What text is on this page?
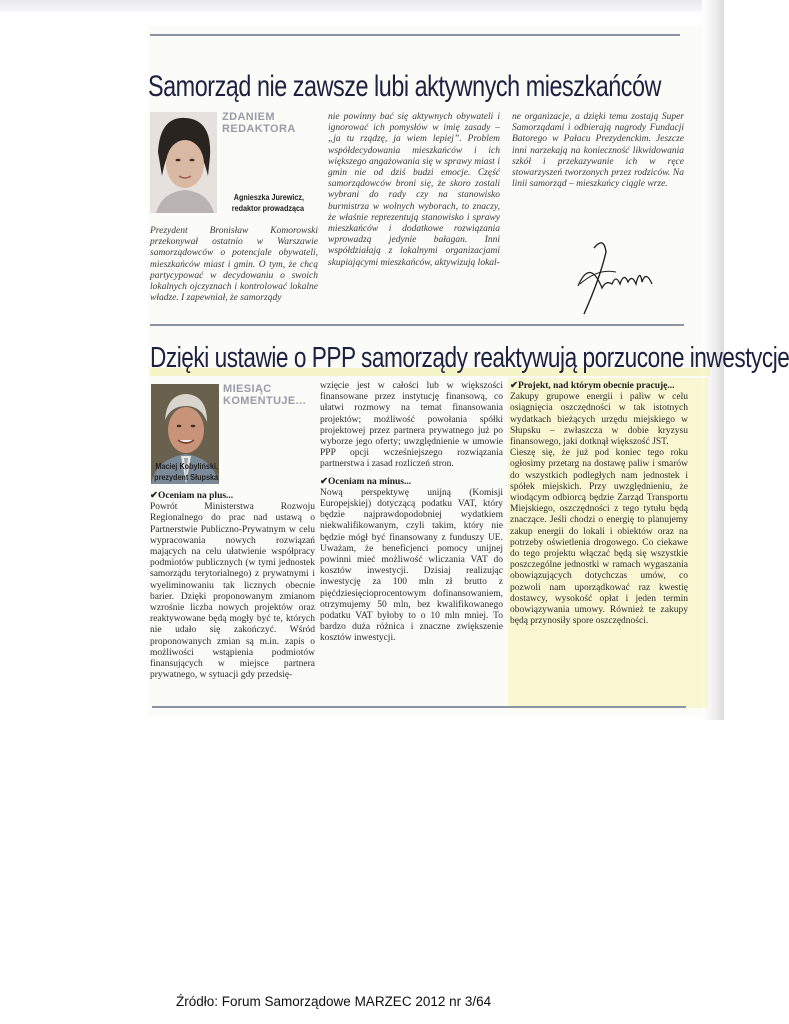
Samorząd nie zawsze lubi aktywnych mieszkańców
ZDANIEM REDAKTORA
Agnieszka Jurewicz,
redaktor prowadząca
Prezydent Bronisław Komorowski przekonywał ostatnio w Warszawie samorządowców o potencjale obywateli, mieszkańców miast i gmin. O tym, że chcą partycypować w decydowaniu o swoich lokalnych ojczyznach i kontrolować lokalne władze. I zapewniał, że samorządy
nie powinny bać się aktywnych obywateli i ignorować ich pomysłów w imię zasady – „ja tu rządzę, ja wiem lepiej”. Problem współdecydowania mieszkańców i ich większego angażowania się w sprawy miast i gmin nie od dziś budzi emocje. Część samorządowców broni się, że skoro zostali wybrani do rady czy na stanowisko burmistrza w wolnych wyborach, to znaczy, że właśnie reprezentują stanowisko i sprawy mieszkańców i dodatkowe rozwiązania wprowadzą jedynie bałagan. Inni współdziałają z lokalnymi organizacjami skupiającymi mieszkańców, aktywizują lokal-
ne organizacje, a dzięki temu zostają Super Samorządami i odbierają nagrody Fundacji Batorego w Pałacu Prezydenckim. Jeszcze inni narzekają na konieczność likwidowania szkół i przekazywanie ich w ręce stowarzyszeń tworzonych przez rodziców. Na linii samorząd – mieszkańcy ciągle wrze.
Dzięki ustawie o PPP samorządy reaktywują porzucone inwestycje
MIESIĄC KOMENTUJE...
Maciej Kobyliński,
prezydent Słupska
✔Oceniam na plus...
Powrót Ministerstwa Rozwoju Regionalnego do prac nad ustawą o Partnerstwie Publiczno-Prywatnym w celu wypracowania nowych rozwiązań mających na celu ułatwienie współpracy podmiotów publicznych (w tymi jednostek samorządu terytorialnego) z prywatnymi i wyeliminowaniu tak licznych obecnie barier. Dzięki proponowanym zmianom wzrośnie liczba nowych projektów oraz reaktywowane będą mogły być te, których nie udało się zakończyć. Wśród proponowanych zmian są m.in. zapis o możliwości wstąpienia podmiotów finansujących w miejsce partnera prywatnego, w sytuacji gdy przedsię-
wzięcie jest w całości lub w większości finansowane przez instytucję finansową, co ułatwi rozmowy na temat finansowania projektów; możliwość powołania spółki projektowej przez partnera prywatnego już po wyborze jego oferty; uwzględnienie w umowie PPP opcji wcześniejszego rozwiązania partnerstwa i zasad rozliczeń stron.
✔Oceniam na minus...
Nową perspektywę unijną (Komisji Europejskiej) dotyczącą podatku VAT, który będzie najprawdopodobniej wydatkiem niekwalifikowanym, czyli takim, który nie będzie mógł być finansowany z funduszy UE. Uważam, że beneficjenci pomocy unijnej powinni mieć możliwość wliczania VAT do kosztów inwestycji. Dzisiaj realizując inwestycję za 100 mln zł brutto z pięćdziesięcioprocentowym dofinansowaniem, otrzymujemy 50 mln, bez kwalifikowanego podatku VAT byłoby to o 10 mln mniej. To bardzo duża różnica i znaczne zwiększenie kosztów inwestycji.
✔Projekt, nad którym obecnie pracuję...
Zakupy grupowe energii i paliw w celu osiągnięcia oszczędności w tak istotnych wydatkach bieżących urzędu miejskiego w Słupsku – zwłaszcza w dobie kryzysu finansowego, jaki dotknął większość JST.
Cieszę się, że już pod koniec tego roku ogłosimy przetarg na dostawę paliw i smarów do wszystkich podległych nam jednostek i spółek miejskich. Przy uwzględnieniu, że wiodącym odbiorcą będzie Zarząd Transportu Miejskiego, oszczędności z tego tytułu będą znaczące. Jeśli chodzi o energię to planujemy zakup energii do lokali i obiektów oraz na potrzeby oświetlenia drogowego. Co ciekawe do tego projektu włączać będą się wszystkie poszczególne jednostki w ramach wygaszania obowiązujących dotychczas umów, co pozwoli nam uporządkować raz kwestię dostawcy, wysokość opłat i jeden termin obowiązywania umowy. Również te zakupy będą przynosiły spore oszczędności.
Źródło: Forum Samorządowe MARZEC 2012 nr 3/64
